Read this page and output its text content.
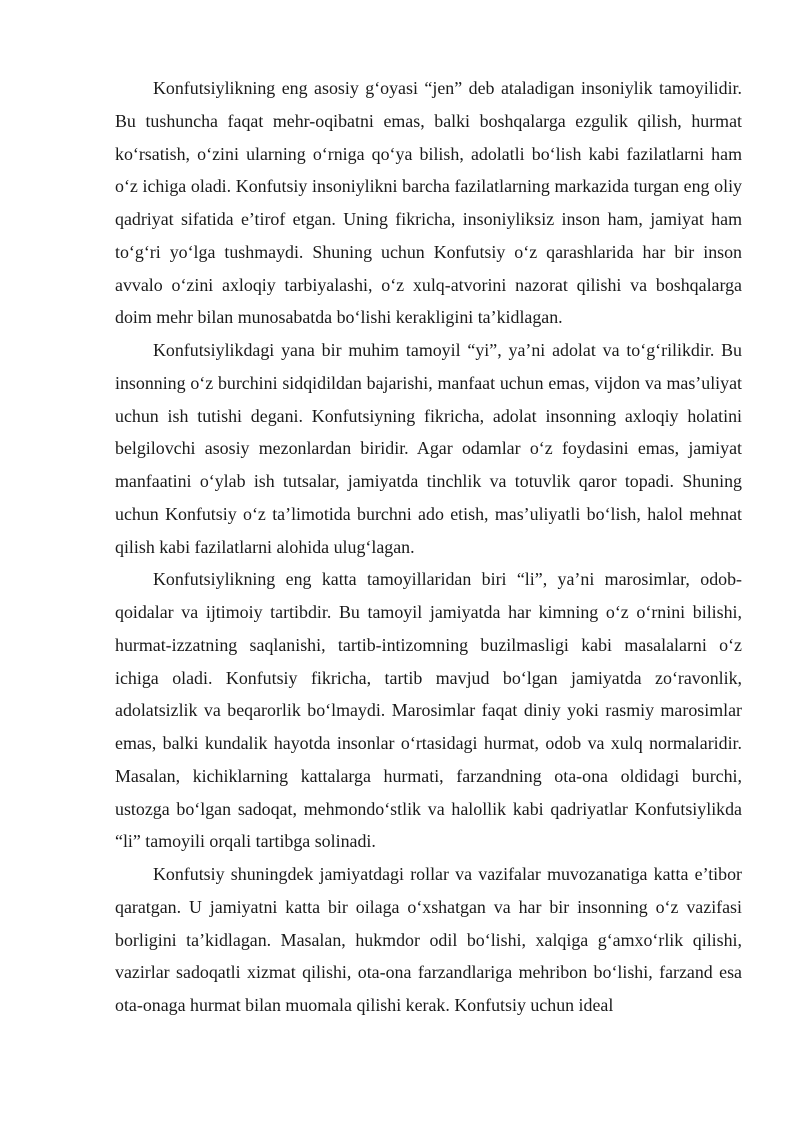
Konfutsiylikning eng asosiy g‘oyasi “jen” deb ataladigan insoniylik tamoyilidir. Bu tushuncha faqat mehr-oqibatni emas, balki boshqalarga ezgulik qilish, hurmat ko‘rsatish, o‘zini ularning o‘rniga qo‘ya bilish, adolatli bo‘lish kabi fazilatlarni ham o‘z ichiga oladi. Konfutsiy insoniylikni barcha fazilatlarning markazida turgan eng oliy qadriyat sifatida e’tirof etgan. Uning fikricha, insoniyliksiz inson ham, jamiyat ham to‘g‘ri yo‘lga tushmaydi. Shuning uchun Konfutsiy o‘z qarashlarida har bir inson avvalo o‘zini axloqiy tarbiyalashi, o‘z xulq-atvorini nazorat qilishi va boshqalarga doim mehr bilan munosabatda bo‘lishi kerakligini ta’kidlagan.

Konfutsiylikdagi yana bir muhim tamoyil “yi”, ya’ni adolat va to‘g‘rilikdir. Bu insonning o‘z burchini sidqidildan bajarishi, manfaat uchun emas, vijdon va mas’uliyat uchun ish tutishi degani. Konfutsiyning fikricha, adolat insonning axloqiy holatini belgilovchi asosiy mezonlardan biridir. Agar odamlar o‘z foydasini emas, jamiyat manfaatini o‘ylab ish tutsalar, jamiyatda tinchlik va totuvlik qaror topadi. Shuning uchun Konfutsiy o‘z ta’limotida burchni ado etish, mas’uliyatli bo‘lish, halol mehnat qilish kabi fazilatlarni alohida ulug‘lagan.

Konfutsiylikning eng katta tamoyillaridan biri “li”, ya’ni marosimlar, odob-qoidalar va ijtimoiy tartibdir. Bu tamoyil jamiyatda har kimning o‘z o‘rnini bilishi, hurmat-izzatning saqlanishi, tartib-intizomning buzilmasligi kabi masalalarni o‘z ichiga oladi. Konfutsiy fikricha, tartib mavjud bo‘lgan jamiyatda zo‘ravonlik, adolatsizlik va beqarorlik bo‘lmaydi. Marosimlar faqat diniy yoki rasmiy marosimlar emas, balki kundalik hayotda insonlar o‘rtasidagi hurmat, odob va xulq normalaridir. Masalan, kichiklarning kattalarga hurmati, farzandning ota-ona oldidagi burchi, ustozga bo‘lgan sadoqat, mehmondo‘stlik va halollik kabi qadriyatlar Konfutsiylikda “li” tamoyili orqali tartibga solinadi.

Konfutsiy shuningdek jamiyatdagi rollar va vazifalar muvozanatiga katta e’tibor qaratgan. U jamiyatni katta bir oilaga o‘xshatgan va har bir insonning o‘z vazifasi borligini ta’kidlagan. Masalan, hukmdor odil bo‘lishi, xalqiga g‘amxo‘rlik qilishi, vazirlar sadoqatli xizmat qilishi, ota-ona farzandlariga mehribon bo‘lishi, farzand esa ota-onaga hurmat bilan muomala qilishi kerak. Konfutsiy uchun ideal
